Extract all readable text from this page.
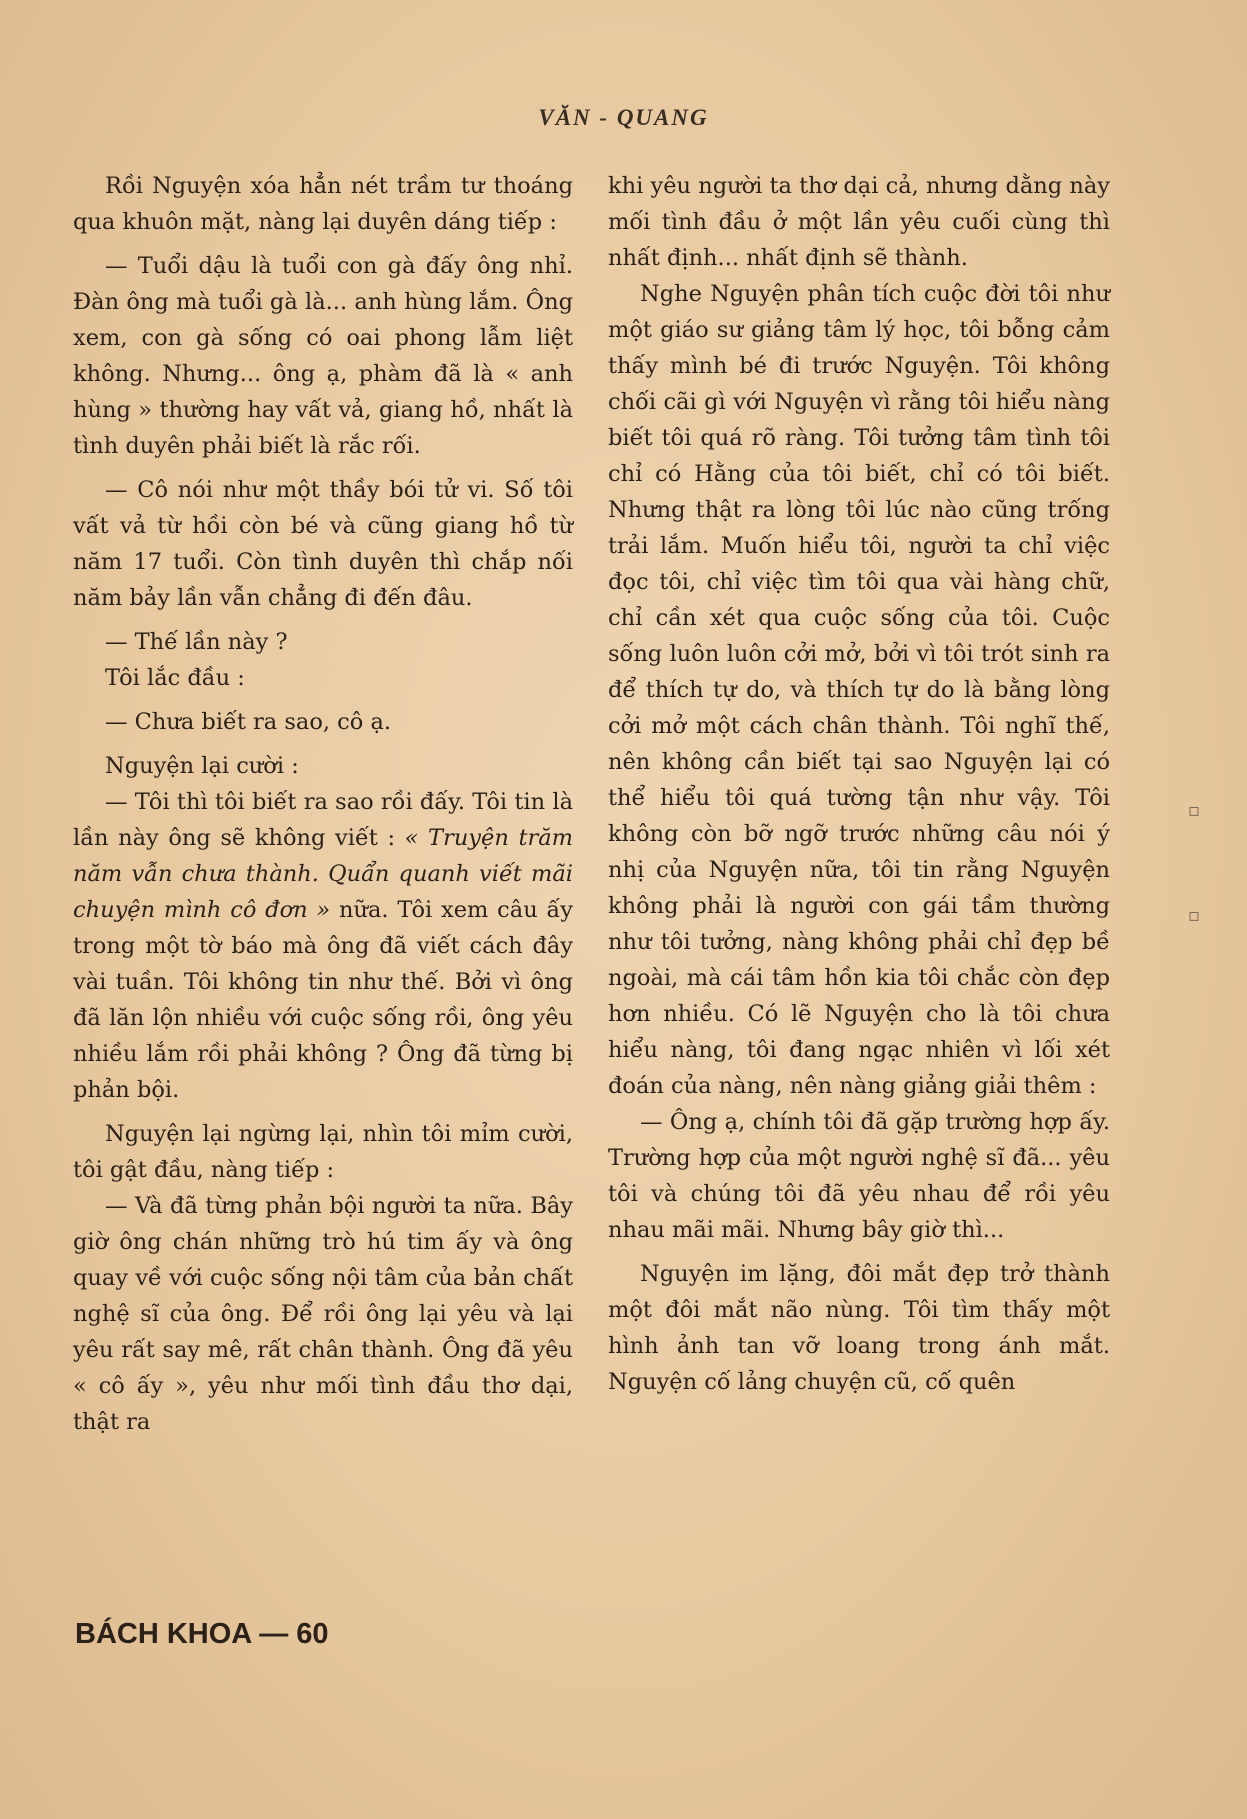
VĂN - QUANG

Rồi Nguyện xóa hẳn nét trầm tư thoáng qua khuôn mặt, nàng lại duyên dáng tiếp :

— Tuổi dậu là tuổi con gà đấy ông nhỉ. Đàn ông mà tuổi gà là... anh hùng lắm. Ông xem, con gà sống có oai phong lẫm liệt không. Nhưng... ông ạ, phàm đã là « anh hùng » thường hay vất vả, giang hồ, nhất là tình duyên phải biết là rắc rối.

— Cô nói như một thầy bói tử vi. Số tôi vất vả từ hồi còn bé và cũng giang hồ từ năm 17 tuổi. Còn tình duyên thì chắp nối năm bảy lần vẫn chẳng đi đến đâu.

— Thế lần này ?

Tôi lắc đầu :

— Chưa biết ra sao, cô ạ.

Nguyện lại cười :

— Tôi thì tôi biết ra sao rồi đấy. Tôi tin là lần này ông sẽ không viết : « Truyện trăm năm vẫn chưa thành. Quẩn quanh viết mãi chuyện mình cô đơn » nữa. Tôi xem câu ấy trong một tờ báo mà ông đã viết cách đây vài tuần. Tôi không tin như thế. Bởi vì ông đã lăn lộn nhiều với cuộc sống rồi, ông yêu nhiều lắm rồi phải không ? Ông đã từng bị phản bội.

Nguyện lại ngừng lại, nhìn tôi mỉm cười, tôi gật đầu, nàng tiếp :

— Và đã từng phản bội người ta nữa. Bây giờ ông chán những trò hú tim ấy và ông quay về với cuộc sống nội tâm của bản chất nghệ sĩ của ông. Để rồi ông lại yêu và lại yêu rất say mê, rất chân thành. Ông đã yêu « cô ấy », yêu như mối tình đầu thơ dại, thật ra

khi yêu người ta thơ dại cả, nhưng dằng này mối tình đầu ở một lần yêu cuối cùng thì nhất định... nhất định sẽ thành.

Nghe Nguyện phân tích cuộc đời tôi như một giáo sư giảng tâm lý học, tôi bỗng cảm thấy mình bé đi trước Nguyện. Tôi không chối cãi gì với Nguyện vì rằng tôi hiểu nàng biết tôi quá rõ ràng. Tôi tưởng tâm tình tôi chỉ có Hằng của tôi biết, chỉ có tôi biết. Nhưng thật ra lòng tôi lúc nào cũng trống trải lắm. Muốn hiểu tôi, người ta chỉ việc đọc tôi, chỉ việc tìm tôi qua vài hàng chữ, chỉ cần xét qua cuộc sống của tôi. Cuộc sống luôn luôn cởi mở, bởi vì tôi trót sinh ra để thích tự do, và thích tự do là bằng lòng cởi mở một cách chân thành. Tôi nghĩ thế, nên không cần biết tại sao Nguyện lại có thể hiểu tôi quá tường tận như vậy. Tôi không còn bỡ ngỡ trước những câu nói ý nhị của Nguyện nữa, tôi tin rằng Nguyện không phải là người con gái tầm thường như tôi tưởng, nàng không phải chỉ đẹp bề ngoài, mà cái tâm hồn kia tôi chắc còn đẹp hơn nhiều. Có lẽ Nguyện cho là tôi chưa hiểu nàng, tôi đang ngạc nhiên vì lối xét đoán của nàng, nên nàng giảng giải thêm :

— Ông ạ, chính tôi đã gặp trường hợp ấy. Trường hợp của một người nghệ sĩ đã... yêu tôi và chúng tôi đã yêu nhau để rồi yêu nhau mãi mãi. Nhưng bây giờ thì...

Nguyện im lặng, đôi mắt đẹp trở thành một đôi mắt não nùng. Tôi tìm thấy một hình ảnh tan vỡ loang trong ánh mắt. Nguyện cố lảng chuyện cũ, cố quên

BÁCH KHOA — 60
▫
▫
